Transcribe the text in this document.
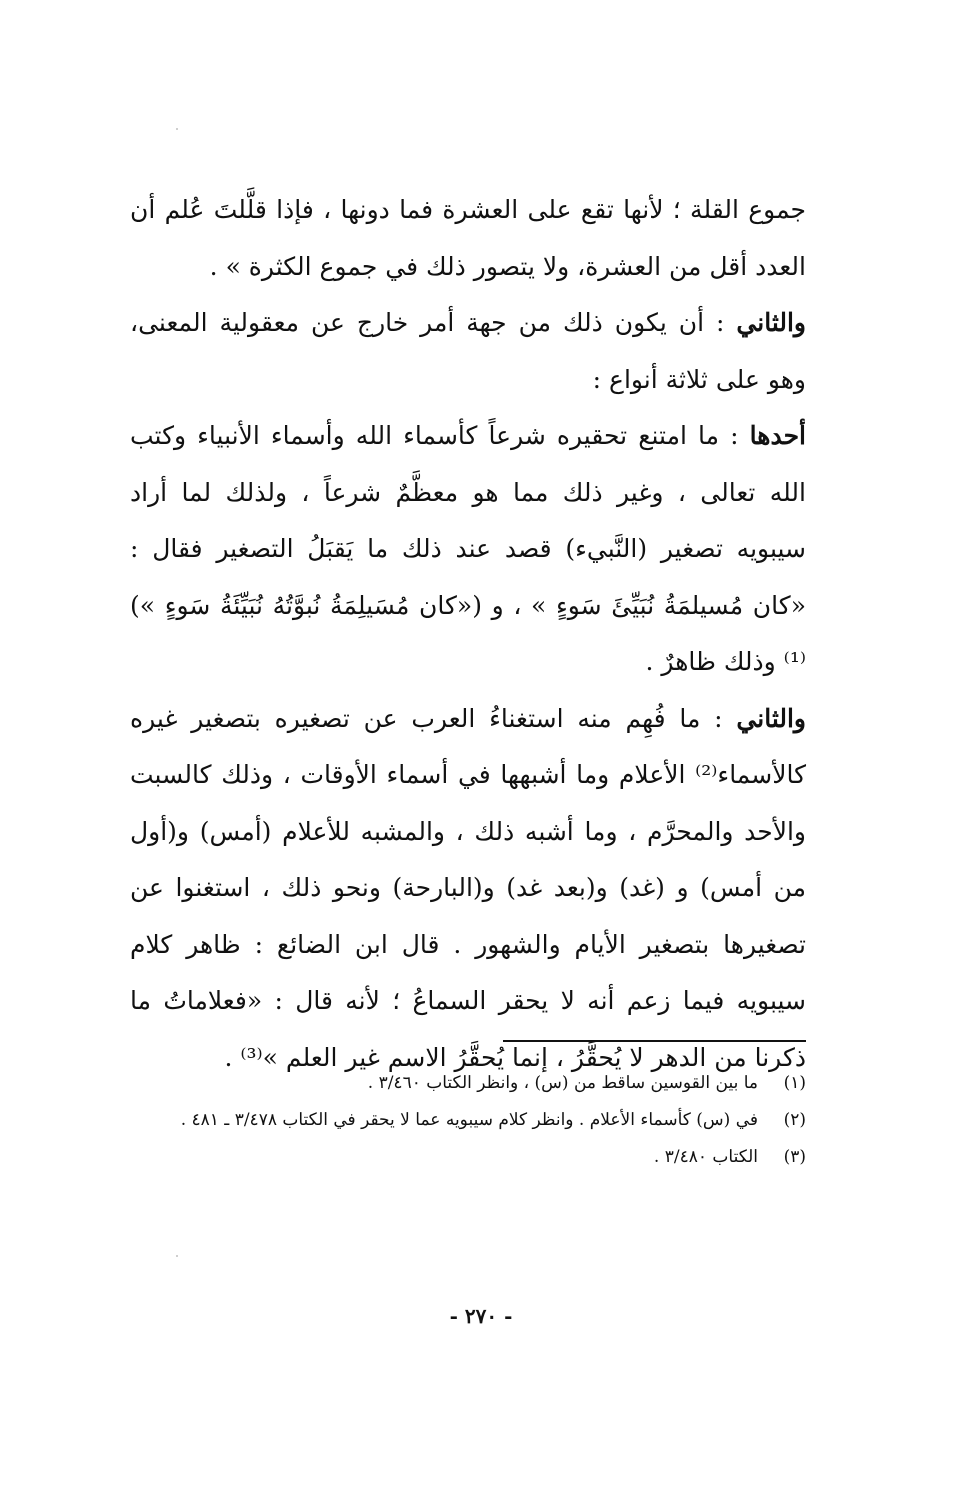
جموع القلة ؛ لأنها تقع على العشرة فما دونها ، فإذا قلَّلتَ عُلم أن العدد أقل من العشرة، ولا يتصور ذلك في جموع الكثرة » .

والثاني : أن يكون ذلك من جهة أمر خارج عن معقولية المعنى، وهو على ثلاثة أنواع :

أحدها : ما امتنع تحقيره شرعاً كأسماء الله وأسماء الأنبياء وكتب الله تعالى ، وغير ذلك مما هو معظَّمٌ شرعاً ، ولذلك لما أراد سيبويه تصغير (النَّبيء) قصد عند ذلك ما يَقبَلُ التصغير فقال : «كان مُسيلمَةُ نُبَيِّئَ سَوءٍ » ، و («كان مُسَيلِمَةُ نُبوَّتُهُ نُبَيِّئَةُ سَوءٍ »)⁽¹⁾ وذلك ظاهرٌ .

والثاني : ما فُهِم منه استغناءُ العرب عن تصغيره بتصغير غيره كالأسماء⁽²⁾ الأعلام وما أشبهها في أسماء الأوقات ، وذلك كالسبت والأحد والمحرَّم ، وما أشبه ذلك ، والمشبه للأعلام (أمس) و(أول من أمس) و (غد) و(بعد غد) و(البارحة) ونحو ذلك ، استغنوا عن تصغيرها بتصغير الأيام والشهور . قال ابن الضائع : ظاهر كلام سيبويه فيما زعم أنه لا يحقر السماعُ ؛ لأنه قال : «فعلاماتُ ما ذكرنا من الدهر لا يُحقَّرُ ، إنما يُحقَّرُ الاسم غير العلم »⁽³⁾ .

(١)
ما بين القوسين ساقط من (س) ، وانظر الكتاب ٣/٤٦٠ .
(٢)
في (س) كأسماء الأعلام . وانظر كلام سيبويه عما لا يحقر في الكتاب ٣/٤٧٨ ـ ٤٨١ .
(٣)
الكتاب ٣/٤٨٠ .
- ٢٧٠ -
